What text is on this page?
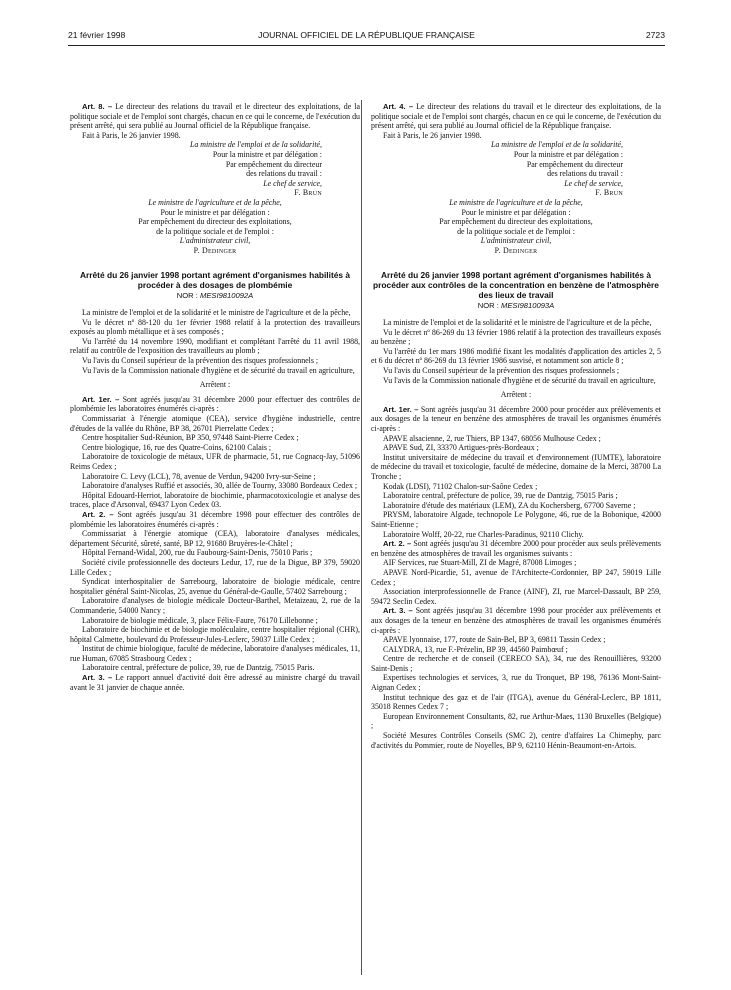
21 février 1998	JOURNAL OFFICIEL DE LA RÉPUBLIQUE FRANÇAISE	2723

Art. 8. – Le directeur des relations du travail et le directeur des exploitations, de la politique sociale et de l'emploi sont chargés, chacun en ce qui le concerne, de l'exécution du présent arrêté, qui sera publié au Journal officiel de la République française.

Fait à Paris, le 26 janvier 1998.

La ministre de l'emploi et de la solidarité,

Pour la ministre et par délégation :

Par empêchement du directeur

des relations du travail :

Le chef de service,

F. Brun

Le ministre de l'agriculture et de la pêche,

Pour le ministre et par délégation :

Par empêchement du directeur des exploitations,

de la politique sociale et de l'emploi :

L'administrateur civil,

P. Dedinger

Arrêté du 26 janvier 1998 portant agrément d'organismes habilités à procéder à des dosages de plombémie

NOR : MESI9810092A

La ministre de l'emploi et de la solidarité et le ministre de l'agriculture et de la pêche,

Vu le décret nº 88-120 du 1er février 1988 relatif à la protection des travailleurs exposés au plomb métallique et à ses composés ;

Vu l'arrêté du 14 novembre 1990, modifiant et complétant l'arrêté du 11 avril 1988, relatif au contrôle de l'exposition des travailleurs au plomb ;

Vu l'avis du Conseil supérieur de la prévention des risques professionnels ;

Vu l'avis de la Commission nationale d'hygiène et de sécurité du travail en agriculture,

Arrêtent :

Art. 1er. – Sont agréés jusqu'au 31 décembre 2000 pour effectuer des contrôles de plombémie les laboratoires énumérés ci-après :

Commissariat à l'énergie atomique (CEA), service d'hygiène industrielle, centre d'études de la vallée du Rhône, BP 38, 26701 Pierrelatte Cedex ;

Centre hospitalier Sud-Réunion, BP 350, 97448 Saint-Pierre Cedex ;

Centre biologique, 16, rue des Quatre-Coins, 62100 Calais ;

Laboratoire de toxicologie de métaux, UFR de pharmacie, 51, rue Cognacq-Jay, 51096 Reims Cedex ;

Laboratoire C. Levy (LCL), 78, avenue de Verdun, 94200 Ivry-sur-Seine ;

Laboratoire d'analyses Ruffié et associés, 30, allée de Tourny, 33080 Bordeaux Cedex ;

Hôpital Edouard-Herriot, laboratoire de biochimie, pharmacotoxicologie et analyse des traces, place d'Arsonval, 69437 Lyon Cedex 03.

Art. 2. – Sont agréés jusqu'au 31 décembre 1998 pour effectuer des contrôles de plombémie les laboratoires énumérés ci-après :

Commissariat à l'énergie atomique (CEA), laboratoire d'analyses médicales, département Sécurité, sûreté, santé, BP 12, 91680 Bruyères-le-Châtel ;

Hôpital Fernand-Widal, 200, rue du Faubourg-Saint-Denis, 75010 Paris ;

Société civile professionnelle des docteurs Ledur, 17, rue de la Digue, BP 379, 59020 Lille Cedex ;

Syndicat interhospitalier de Sarrebourg, laboratoire de biologie médicale, centre hospitalier général Saint-Nicolas, 25, avenue du Général-de-Gaulle, 57402 Sarrebourg ;

Laboratoire d'analyses de biologie médicale Docteur-Barthel, Metaizeau, 2, rue de la Commanderie, 54000 Nancy ;

Laboratoire de biologie médicale, 3, place Félix-Faure, 76170 Lillebonne ;

Laboratoire de biochimie et de biologie moléculaire, centre hospitalier régional (CHR), hôpital Calmette, boulevard du Professeur-Jules-Leclerc, 59037 Lille Cedex ;

Institut de chimie biologique, faculté de médecine, laboratoire d'analyses médicales, 11, rue Human, 67085 Strasbourg Cedex ;

Laboratoire central, préfecture de police, 39, rue de Dantzig, 75015 Paris.

Art. 3. – Le rapport annuel d'activité doit être adressé au ministre chargé du travail avant le 31 janvier de chaque année.

Art. 4. – Le directeur des relations du travail et le directeur des exploitations, de la politique sociale et de l'emploi sont chargés, chacun en ce qui le concerne, de l'exécution du présent arrêté, qui sera publié au Journal officiel de la République française.

Fait à Paris, le 26 janvier 1998.

La ministre de l'emploi et de la solidarité,

Pour la ministre et par délégation :

Par empêchement du directeur

des relations du travail :

Le chef de service,

F. Brun

Le ministre de l'agriculture et de la pêche,

Pour le ministre et par délégation :

Par empêchement du directeur des exploitations,

de la politique sociale et de l'emploi :

L'administrateur civil,

P. Dedinger

Arrêté du 26 janvier 1998 portant agrément d'organismes habilités à procéder aux contrôles de la concentration en benzène de l'atmosphère des lieux de travail

NOR : MESI9810093A

La ministre de l'emploi et de la solidarité et le ministre de l'agriculture et de la pêche,

Vu le décret nº 86-269 du 13 février 1986 relatif à la protection des travailleurs exposés au benzène ;

Vu l'arrêté du 1er mars 1986 modifié fixant les modalités d'application des articles 2, 5 et 6 du décret nº 86-269 du 13 février 1986 susvisé, et notamment son article 8 ;

Vu l'avis du Conseil supérieur de la prévention des risques professionnels ;

Vu l'avis de la Commission nationale d'hygiène et de sécurité du travail en agriculture,

Arrêtent :

Art. 1er. – Sont agréés jusqu'au 31 décembre 2000 pour procéder aux prélèvements et aux dosages de la teneur en benzène des atmosphères de travail les organismes énumérés ci-après :

APAVE alsacienne, 2, rue Thiers, BP 1347, 68056 Mulhouse Cedex ;

APAVE Sud, ZI, 33370 Artigues-près-Bordeaux ;

Institut universitaire de médecine du travail et d'environnement (IUMTE), laboratoire de médecine du travail et toxicologie, faculté de médecine, domaine de la Merci, 38700 La Tronche ;

Kodak (LDSI), 71102 Chalon-sur-Saône Cedex ;

Laboratoire central, préfecture de police, 39, rue de Dantzig, 75015 Paris ;

Laboratoire d'étude des matériaux (LEM), ZA du Kochersberg, 67700 Saverne ;

PRYSM, laboratoire Algade, technopole Le Polygone, 46, rue de la Bobonique, 42000 Saint-Etienne ;

Laboratoire Wolff, 20-22, rue Charles-Paradinus, 92110 Clichy.

Art. 2. – Sont agréés jusqu'au 31 décembre 2000 pour procéder aux seuls prélèvements en benzène des atmosphères de travail les organismes suivants :

AIF Services, rue Stuart-Mill, ZI de Magré, 87008 Limoges ;

APAVE Nord-Picardie, 51, avenue de l'Architecte-Cordonnier, BP 247, 59019 Lille Cedex ;

Association interprofessionnelle de France (AINF), ZI, rue Marcel-Dassault, BP 259, 59472 Seclin Cedex.

Art. 3. – Sont agréés jusqu'au 31 décembre 1998 pour procéder aux prélèvements et aux dosages de la teneur en benzène des atmosphères de travail les organismes énumérés ci-après :

APAVE lyonnaise, 177, route de Sain-Bel, BP 3, 69811 Tassin Cedex ;

CALYDRA, 13, rue F.-Prézelin, BP 39, 44560 Paimbœuf ;

Centre de recherche et de conseil (CERECO SA), 34, rue des Renouillières, 93200 Saint-Denis ;

Expertises technologies et services, 3, rue du Tronquet, BP 198, 76136 Mont-Saint-Aignan Cedex ;

Institut technique des gaz et de l'air (ITGA), avenue du Général-Leclerc, BP 1811, 35018 Rennes Cedex 7 ;

European Environnement Consultants, 82, rue Arthur-Maes, 1130 Bruxelles (Belgique) ;

Société Mesures Contrôles Conseils (SMC 2), centre d'affaires La Chimephy, parc d'activités du Pommier, route de Noyelles, BP 9, 62110 Hénin-Beaumont-en-Artois.
